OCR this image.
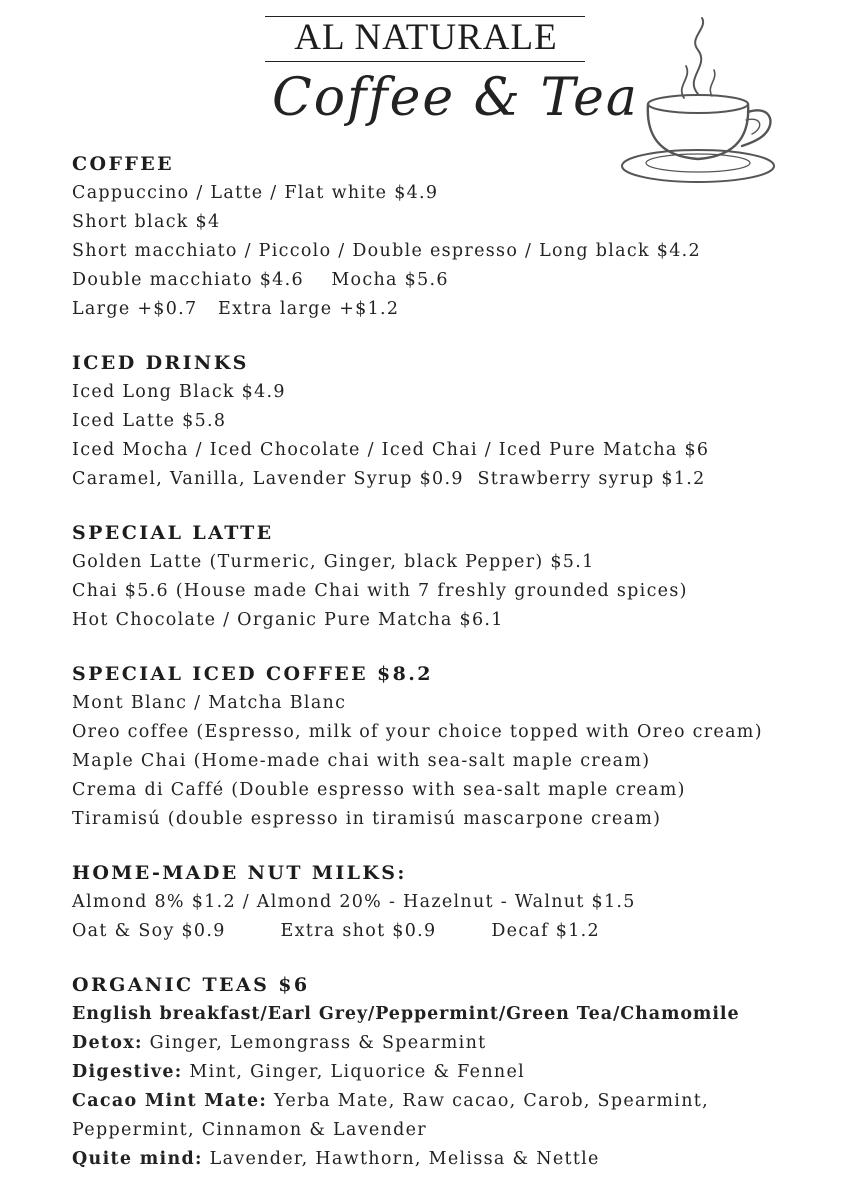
AL NATURALE
Coffee & Tea
COFFEE
Cappuccino / Latte / Flat white $4.9
Short black $4
Short macchiato / Piccolo / Double espresso / Long black $4.2
Double macchiato $4.6    Mocha $5.6
Large +$0.7   Extra large +$1.2
ICED DRINKS
Iced Long Black $4.9
Iced Latte $5.8
Iced Mocha / Iced Chocolate / Iced Chai / Iced Pure Matcha $6
Caramel, Vanilla, Lavender Syrup $0.9  Strawberry syrup $1.2
SPECIAL LATTE
Golden Latte (Turmeric, Ginger, black Pepper) $5.1
Chai $5.6 (House made Chai with 7 freshly grounded spices)
Hot Chocolate / Organic Pure Matcha $6.1
SPECIAL ICED COFFEE $8.2
Mont Blanc / Matcha Blanc
Oreo coffee (Espresso, milk of your choice topped with Oreo cream)
Maple Chai (Home-made chai with sea-salt maple cream)
Crema di Caffé (Double espresso with sea-salt maple cream)
Tiramisú (double espresso in tiramisú mascarpone cream)
HOME-MADE NUT MILKS:
Almond 8% $1.2 / Almond 20% - Hazelnut - Walnut $1.5
Oat & Soy $0.9        Extra shot $0.9        Decaf $1.2
ORGANIC TEAS $6
English breakfast/Earl Grey/Peppermint/Green Tea/Chamomile
Detox: Ginger, Lemongrass & Spearmint
Digestive: Mint, Ginger, Liquorice & Fennel
Cacao Mint Mate: Yerba Mate, Raw cacao, Carob, Spearmint,
Peppermint, Cinnamon & Lavender
Quite mind: Lavender, Hawthorn, Melissa & Nettle
